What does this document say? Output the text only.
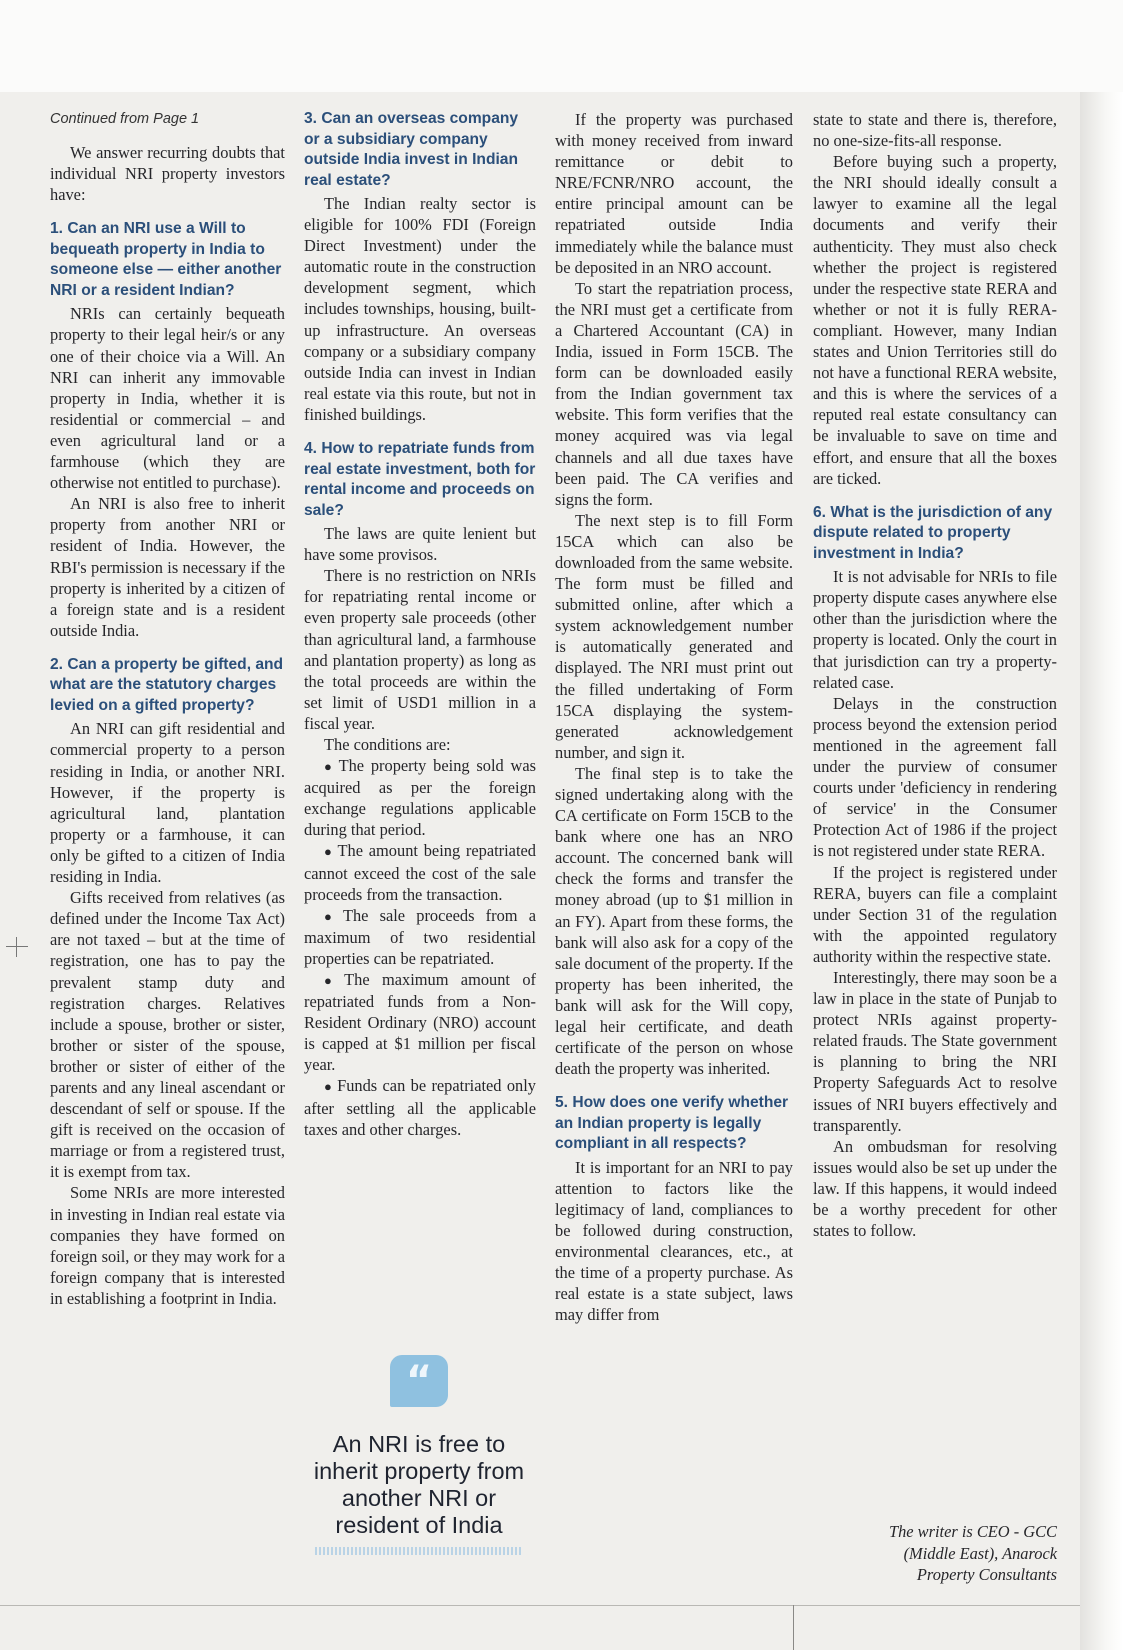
Continued from Page 1

We answer recurring doubts that individual NRI property investors have:

1. Can an NRI use a Will to bequeath property in India to someone else — either another NRI or a resident Indian?

NRIs can certainly bequeath property to their legal heir/s or any one of their choice via a Will. An NRI can inherit any immovable property in India, whether it is residential or commercial – and even agricultural land or a farmhouse (which they are otherwise not entitled to purchase).

An NRI is also free to inherit property from another NRI or resident of India. However, the RBI's permission is necessary if the property is inherited by a citizen of a foreign state and is a resident outside India.

2. Can a property be gifted, and what are the statutory charges levied on a gifted property?

An NRI can gift residential and commercial property to a person residing in India, or another NRI. However, if the property is agricultural land, plantation property or a farmhouse, it can only be gifted to a citizen of India residing in India.

Gifts received from relatives (as defined under the Income Tax Act) are not taxed – but at the time of registration, one has to pay the prevalent stamp duty and registration charges. Relatives include a spouse, brother or sister, brother or sister of the spouse, brother or sister of either of the parents and any lineal ascendant or descendant of self or spouse. If the gift is received on the occasion of marriage or from a registered trust, it is exempt from tax.

Some NRIs are more interested in investing in Indian real estate via companies they have formed on foreign soil, or they may work for a foreign company that is interested in establishing a footprint in India.

3. Can an overseas company or a subsidiary company outside India invest in Indian real estate?

The Indian realty sector is eligible for 100% FDI (Foreign Direct Investment) under the automatic route in the construction development segment, which includes townships, housing, built-up infrastructure. An overseas company or a subsidiary company outside India can invest in Indian real estate via this route, but not in finished buildings.

4. How to repatriate funds from real estate investment, both for rental income and proceeds on sale?

The laws are quite lenient but have some provisos.

There is no restriction on NRIs for repatriating rental income or even property sale proceeds (other than agricultural land, a farmhouse and plantation property) as long as the total proceeds are within the set limit of USD1 million in a fiscal year.

The conditions are:

● The property being sold was acquired as per the foreign exchange regulations applicable during that period.

● The amount being repatriated cannot exceed the cost of the sale proceeds from the transaction.

● The sale proceeds from a maximum of two residential properties can be repatriated.

● The maximum amount of repatriated funds from a Non-Resident Ordinary (NRO) account is capped at $1 million per fiscal year.

● Funds can be repatriated only after settling all the applicable taxes and other charges.

“
An NRI is free to inherit property from another NRI or resident of India

If the property was purchased with money received from inward remittance or debit to NRE/FCNR/NRO account, the entire principal amount can be repatriated outside India immediately while the balance must be deposited in an NRO account.

To start the repatriation process, the NRI must get a certificate from a Chartered Accountant (CA) in India, issued in Form 15CB. The form can be downloaded easily from the Indian government tax website. This form verifies that the money acquired was via legal channels and all due taxes have been paid. The CA verifies and signs the form.

The next step is to fill Form 15CA which can also be downloaded from the same website. The form must be filled and submitted online, after which a system acknowledgement number is automatically generated and displayed. The NRI must print out the filled undertaking of Form 15CA displaying the system-generated acknowledgement number, and sign it.

The final step is to take the signed undertaking along with the CA certificate on Form 15CB to the bank where one has an NRO account. The concerned bank will check the forms and transfer the money abroad (up to $1 million in an FY). Apart from these forms, the bank will also ask for a copy of the sale document of the property. If the property has been inherited, the bank will ask for the Will copy, legal heir certificate, and death certificate of the person on whose death the property was inherited.

5. How does one verify whether an Indian property is legally compliant in all respects?

It is important for an NRI to pay attention to factors like the legitimacy of land, compliances to be followed during construction, environmental clearances, etc., at the time of a property purchase. As real estate is a state subject, laws may differ from

state to state and there is, therefore, no one-size-fits-all response.

Before buying such a property, the NRI should ideally consult a lawyer to examine all the legal documents and verify their authenticity. They must also check whether the project is registered under the respective state RERA and whether or not it is fully RERA-compliant. However, many Indian states and Union Territories still do not have a functional RERA website, and this is where the services of a reputed real estate consultancy can be invaluable to save on time and effort, and ensure that all the boxes are ticked.

6. What is the jurisdiction of any dispute related to property investment in India?

It is not advisable for NRIs to file property dispute cases anywhere else other than the jurisdiction where the property is located. Only the court in that jurisdiction can try a property-related case.

Delays in the construction process beyond the extension period mentioned in the agreement fall under the purview of consumer courts under 'deficiency in rendering of service' in the Consumer Protection Act of 1986 if the project is not registered under state RERA.

If the project is registered under RERA, buyers can file a complaint under Section 31 of the regulation with the appointed regulatory authority within the respective state.

Interestingly, there may soon be a law in place in the state of Punjab to protect NRIs against property-related frauds. The State government is planning to bring the NRI Property Safeguards Act to resolve issues of NRI buyers effectively and transparently.

An ombudsman for resolving issues would also be set up under the law. If this happens, it would indeed be a worthy precedent for other states to follow.

The writer is CEO - GCC
(Middle East), Anarock
Property Consultants
